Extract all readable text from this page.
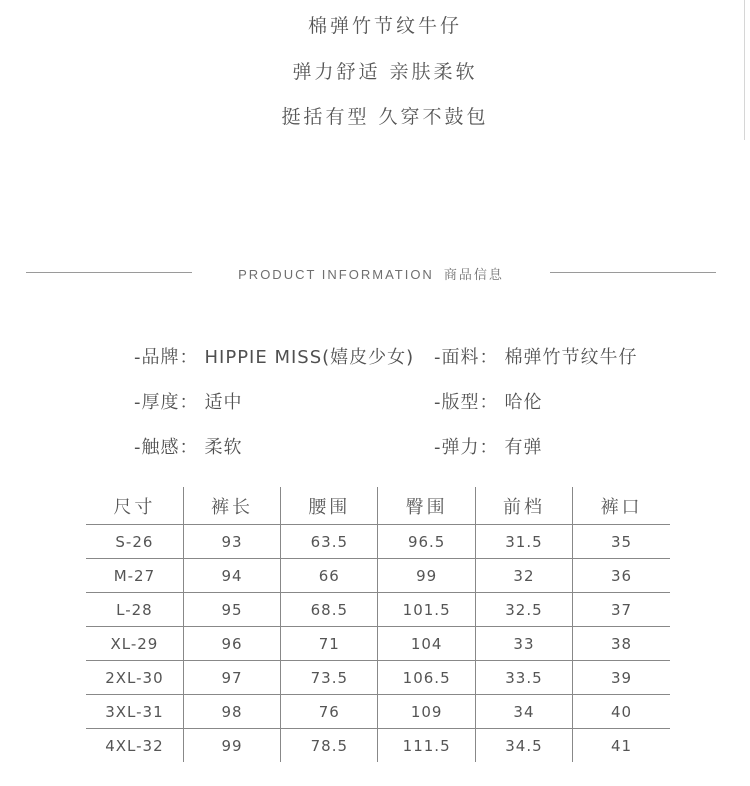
棉弹竹节纹牛仔
弹力舒适 亲肤柔软
挺括有型 久穿不鼓包
PRODUCT INFORMATION 商品信息
-品牌： HIPPIE MISS(嬉皮少女) -面料： 棉弹竹节纹牛仔
-厚度： 适中	-版型： 哈伦
-触感： 柔软	-弹力： 有弹
尺寸	裤长	腰围	臀围	前档	裤口
S-26	93	63.5	96.5	31.5	35
M-27	94	66	99	32	36
L-28	95	68.5	101.5	32.5	37
XL-29	96	71	104	33	38
2XL-30	97	73.5	106.5	33.5	39
3XL-31	98	76	109	34	40
4XL-32	99	78.5	111.5	34.5	41
